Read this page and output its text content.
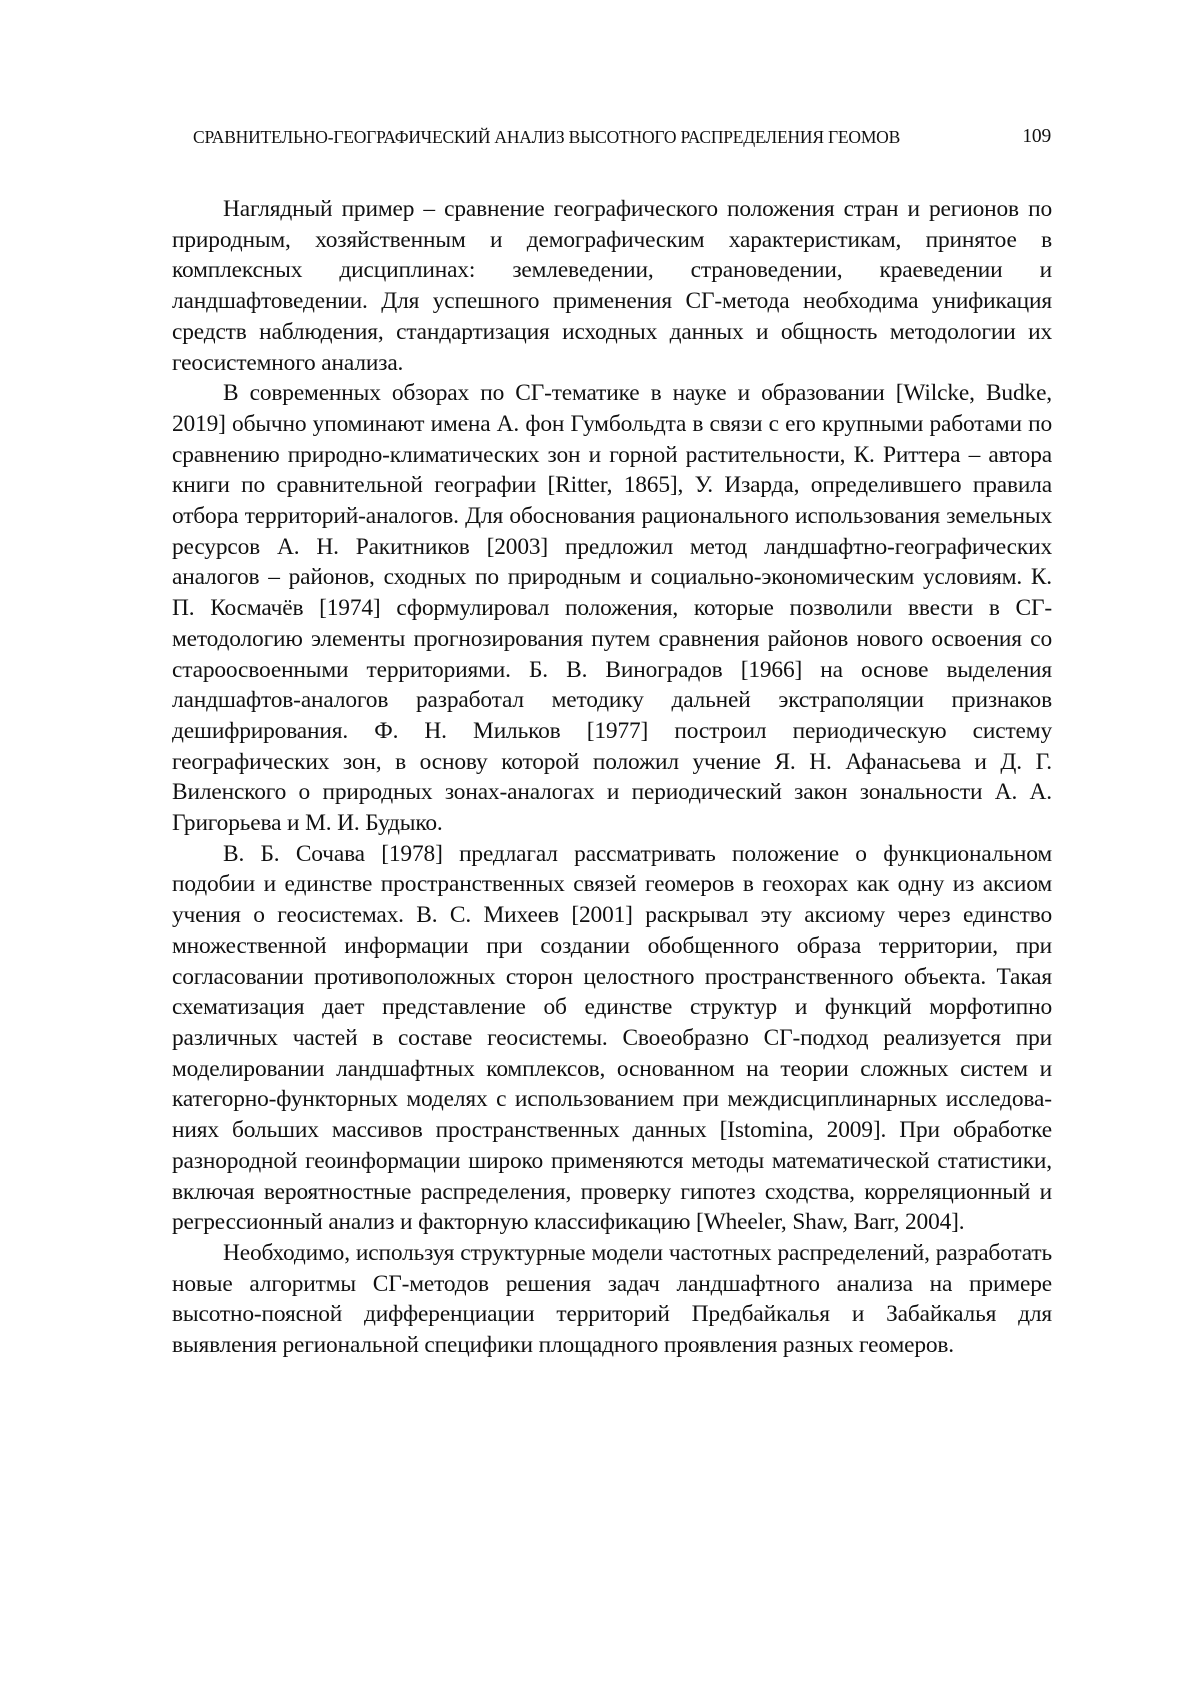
СРАВНИТЕЛЬНО-ГЕОГРАФИЧЕСКИЙ АНАЛИЗ ВЫСОТНОГО РАСПРЕДЕЛЕНИЯ ГЕОМОВ	109

Наглядный пример – сравнение географического положения стран и регионов по природным, хозяйственным и демографическим характеристикам, принятое в комплексных дисциплинах: землеведении, страноведении, краеведении и ландшафтоведении. Для успешного применения СГ-метода необходима унификация средств наблюдения, стандартизация исходных данных и общность методологии их геосистемного анализа.

В современных обзорах по СГ-тематике в науке и образовании [Wilcke, Budke, 2019] обычно упоминают имена А. фон Гумбольдта в связи с его крупными работами по сравнению природно-климатических зон и горной растительности, К. Риттера – автора книги по сравнительной географии [Ritter, 1865], У. Изарда, определившего правила отбора территорий-аналогов. Для обоснования рационального использования земельных ресурсов А. Н. Ракитников [2003] предложил метод ландшафтно-географических аналогов – районов, сходных по природным и социально-экономическим условиям. К. П. Космачёв [1974] сформулировал положения, которые позволили ввести в СГ-методологию элементы прогнозирования путем сравнения районов нового освоения со староосвоенными территориями. Б. В. Виноградов [1966] на основе выделения ландшафтов-аналогов разработал методику дальней экстраполяции признаков дешифрирования. Ф. Н. Мильков [1977] построил периодическую систему географических зон, в основу которой положил учение Я. Н. Афанасьева и Д. Г. Виленского о природных зонах-аналогах и периодический закон зональности А. А. Григорьева и М. И. Будыко.

В. Б. Сочава [1978] предлагал рассматривать положение о функциональном подобии и единстве пространственных связей геомеров в геохорах как одну из аксиом учения о геосистемах. В. С. Михеев [2001] раскрывал эту аксиому через единство множественной информации при создании обобщенного образа территории, при согласовании противоположных сторон целостного пространственного объекта. Такая схематизация дает представление об единстве структур и функций морфотипно различных частей в составе геосистемы. Своеобразно СГ-подход реализуется при моделировании ландшафтных комплексов, основанном на теории сложных систем и категорно-функторных моделях с использованием при междисциплинарных исследованиях больших массивов пространственных данных [Istomina, 2009]. При обработке разнородной геоинформации широко применяются методы математической статистики, включая вероятностные распределения, проверку гипотез сходства, корреляционный и регрессионный анализ и факторную классификацию [Wheeler, Shaw, Barr, 2004].

Необходимо, используя структурные модели частотных распределений, разработать новые алгоритмы СГ-методов решения задач ландшафтного анализа на примере высотно-поясной дифференциации территорий Предбайкалья и Забайкалья для выявления региональной специфики площадного проявления разных геомеров.
